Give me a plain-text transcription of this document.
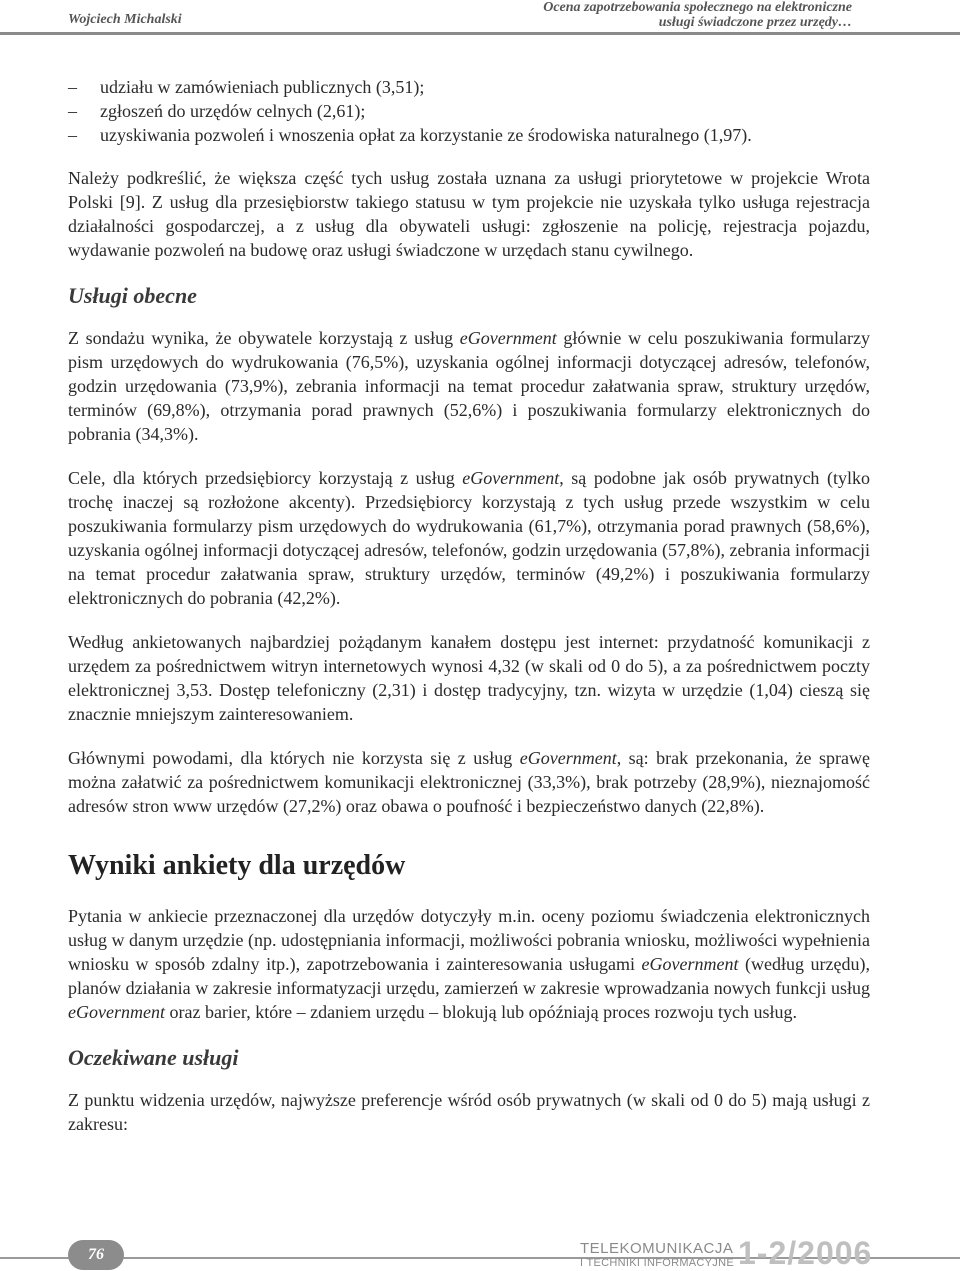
Wojciech Michalski
Ocena zapotrzebowania społecznego na elektroniczne
usługi świadczone przez urzędy…
– udziału w zamówieniach publicznych (3,51);
– zgłoszeń do urzędów celnych (2,61);
– uzyskiwania pozwoleń i wnoszenia opłat za korzystanie ze środowiska naturalnego (1,97).

Należy podkreślić, że większa część tych usług została uznana za usługi priorytetowe w projekcie Wrota Polski [9]. Z usług dla przesiębiorstw takiego statusu w tym projekcie nie uzyskała tylko usługa rejestracja działalności gospodarczej, a z usług dla obywateli usługi: zgłoszenie na policję, rejestracja pojazdu, wydawanie pozwoleń na budowę oraz usługi świadczone w urzędach stanu cywilnego.

Usługi obecne

Z sondażu wynika, że obywatele korzystają z usług eGovernment głównie w celu poszukiwania formularzy pism urzędowych do wydrukowania (76,5%), uzyskania ogólnej informacji dotyczącej adresów, telefonów, godzin urzędowania (73,9%), zebrania informacji na temat procedur załatwania spraw, struktury urzędów, terminów (69,8%), otrzymania porad prawnych (52,6%) i poszukiwania formularzy elektronicznych do pobrania (34,3%).

Cele, dla których przedsiębiorcy korzystają z usług eGovernment, są podobne jak osób prywatnych (tylko trochę inaczej są rozłożone akcenty). Przedsiębiorcy korzystają z tych usług przede wszystkim w celu poszukiwania formularzy pism urzędowych do wydrukowania (61,7%), otrzymania porad prawnych (58,6%), uzyskania ogólnej informacji dotyczącej adresów, telefonów, godzin urzędowania (57,8%), zebrania informacji na temat procedur załatwania spraw, struktury urzędów, terminów (49,2%) i poszukiwania formularzy elektronicznych do pobrania (42,2%).

Według ankietowanych najbardziej pożądanym kanałem dostępu jest internet: przydatność komunikacji z urzędem za pośrednictwem witryn internetowych wynosi 4,32 (w skali od 0 do 5), a za pośrednictwem poczty elektronicznej 3,53. Dostęp telefoniczny (2,31) i dostęp tradycyjny, tzn. wizyta w urzędzie (1,04) cieszą się znacznie mniejszym zainteresowaniem.

Głównymi powodami, dla których nie korzysta się z usług eGovernment, są: brak przekonania, że sprawę można załatwić za pośrednictwem komunikacji elektronicznej (33,3%), brak potrzeby (28,9%), nieznajomość adresów stron www urzędów (27,2%) oraz obawa o poufność i bezpieczeństwo danych (22,8%).

Wyniki ankiety dla urzędów

Pytania w ankiecie przeznaczonej dla urzędów dotyczyły m.in. oceny poziomu świadczenia elektronicznych usług w danym urzędzie (np. udostępniania informacji, możliwości pobrania wniosku, możliwości wypełnienia wniosku w sposób zdalny itp.), zapotrzebowania i zainteresowania usługami eGovernment (według urzędu), planów działania w zakresie informatyzacji urzędu, zamierzeń w zakresie wprowadzania nowych funkcji usług eGovernment oraz barier, które – zdaniem urzędu – blokują lub opóźniają proces rozwoju tych usług.

Oczekiwane usługi

Z punktu widzenia urzędów, najwyższe preferencje wśród osób prywatnych (w skali od 0 do 5) mają usługi z zakresu:

76	TELEKOMUNIKACJA
I TECHNIKI INFORMACYJNE 1-2/2006
